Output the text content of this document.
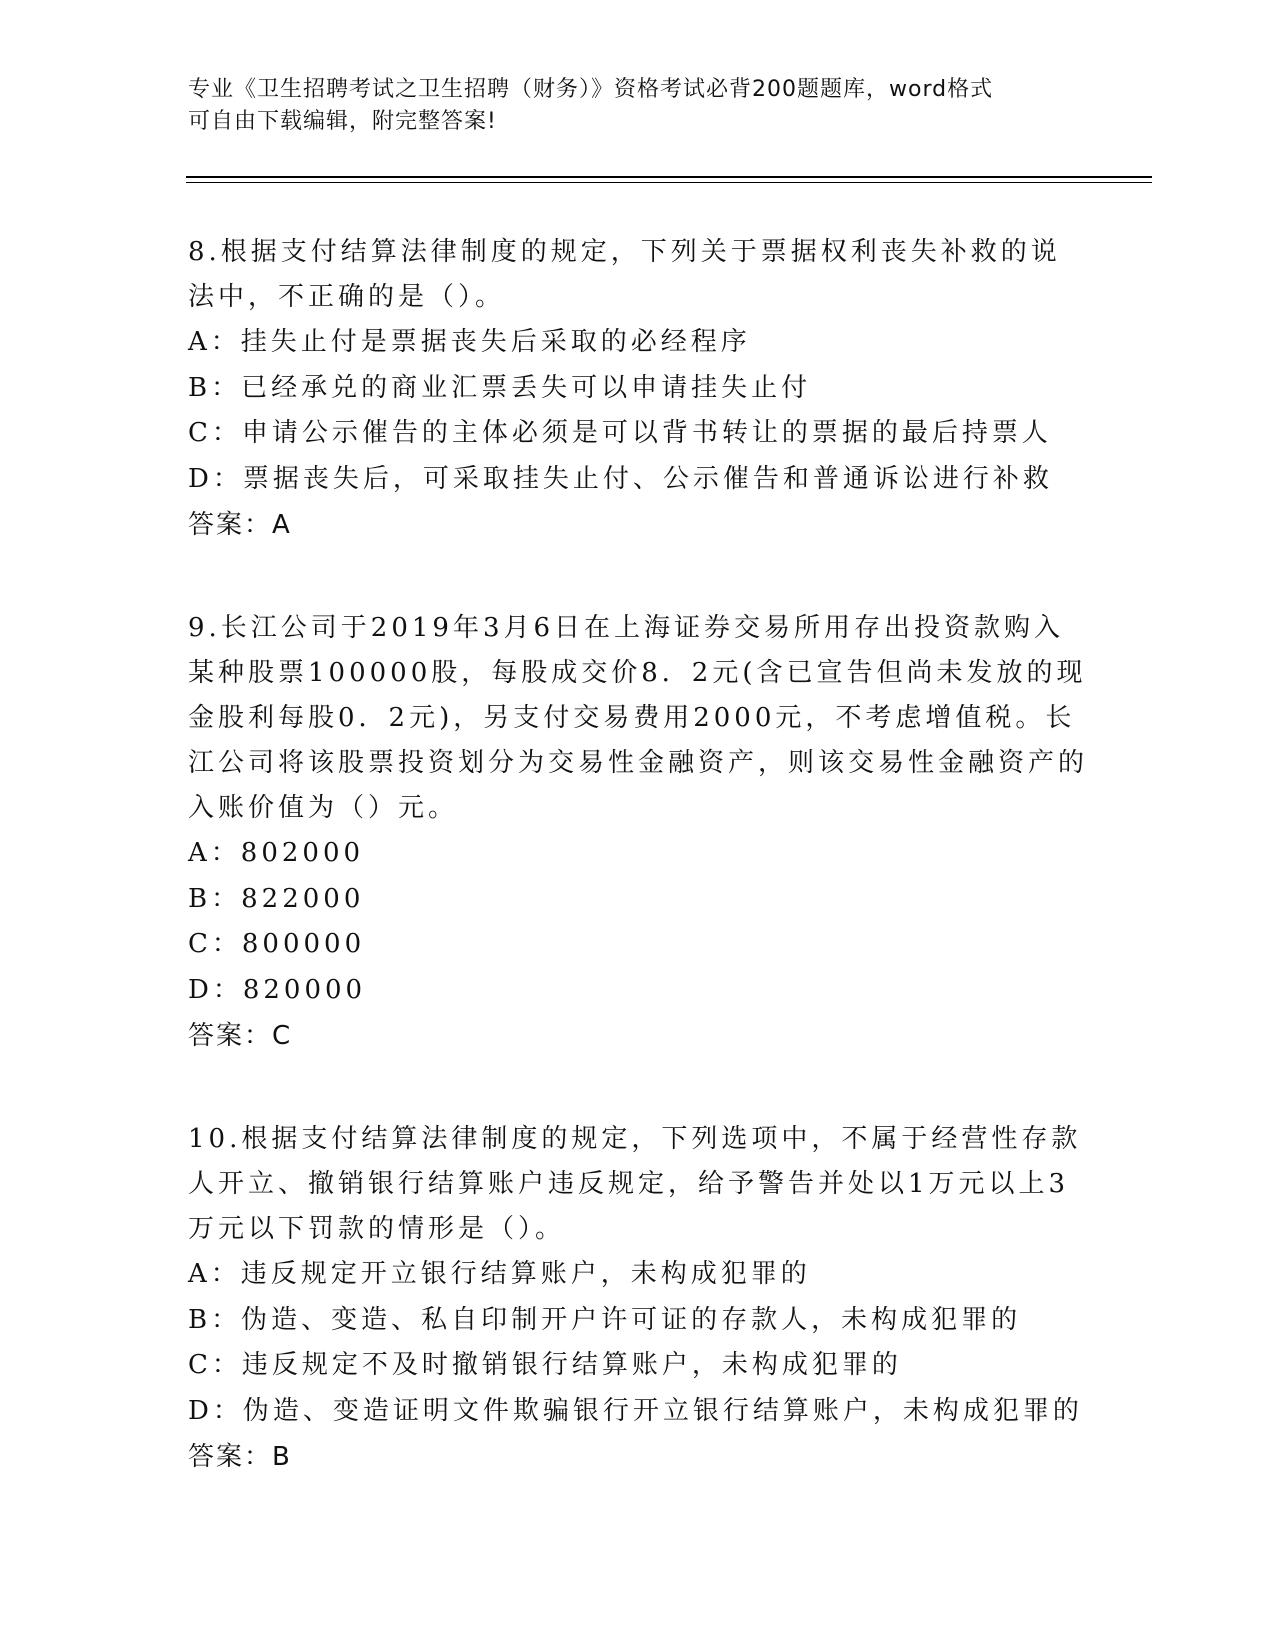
专业《卫生招聘考试之卫生招聘（财务）》资格考试必背200题题库，word格式
可自由下载编辑，附完整答案!

8.根据支付结算法律制度的规定，下列关于票据权利丧失补救的说法中，不正确的是（）。

A：挂失止付是票据丧失后采取的必经程序

B：已经承兑的商业汇票丢失可以申请挂失止付

C：申请公示催告的主体必须是可以背书转让的票据的最后持票人

D：票据丧失后，可采取挂失止付、公示催告和普通诉讼进行补救

答案：A

9.长江公司于2019年3月6日在上海证券交易所用存出投资款购入某种股票100000股，每股成交价8．2元(含已宣告但尚未发放的现金股利每股0．2元)，另支付交易费用2000元，不考虑增值税。长江公司将该股票投资划分为交易性金融资产，则该交易性金融资产的入账价值为（）元。

A：802000

B：822000

C：800000

D：820000

答案：C

10.根据支付结算法律制度的规定，下列选项中，不属于经营性存款人开立、撤销银行结算账户违反规定，给予警告并处以1万元以上3万元以下罚款的情形是（）。

A：违反规定开立银行结算账户，未构成犯罪的

B：伪造、变造、私自印制开户许可证的存款人，未构成犯罪的

C：违反规定不及时撤销银行结算账户，未构成犯罪的

D：伪造、变造证明文件欺骗银行开立银行结算账户，未构成犯罪的

答案：B
